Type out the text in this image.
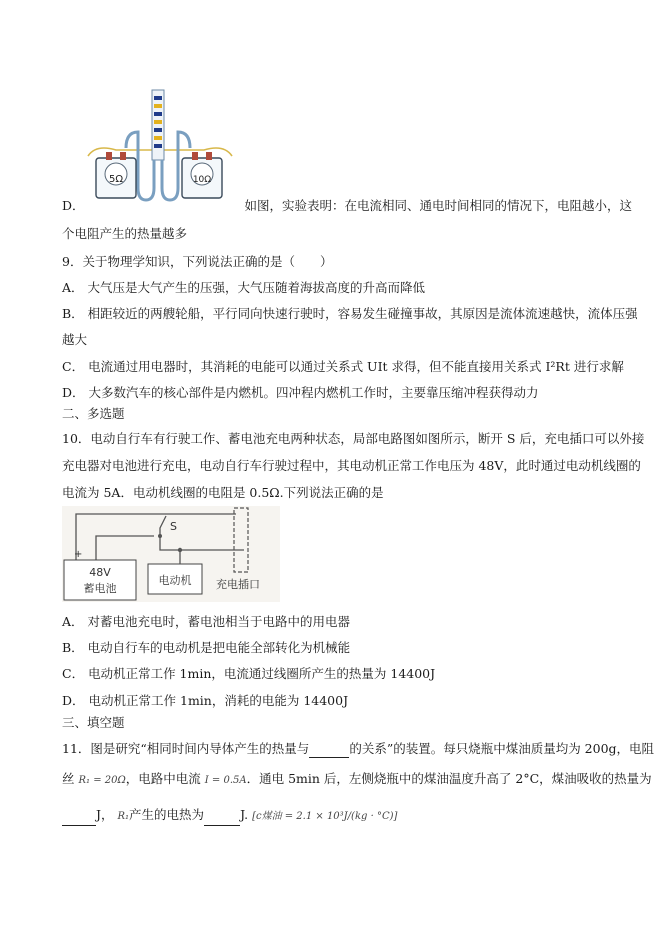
5Ω	10Ω
D．	如图，实验表明：在电流相同、通电时间相同的情况下，电阻越小，这
个电阻产生的热量越多
9．关于物理学知识，下列说法正确的是（　　）
A． 大气压是大气产生的压强，大气压随着海拔高度的升高而降低
B． 相距较近的两艘轮船，平行同向快速行驶时，容易发生碰撞事故，其原因是流体流速越快，流体压强
越大
C． 电流通过用电器时，其消耗的电能可以通过关系式 UIt 求得，但不能直接用关系式 I²Rt 进行求解
D． 大多数汽车的核心部件是内燃机。四冲程内燃机工作时，主要靠压缩冲程获得动力
二、多选题
10．电动自行车有行驶工作、蓄电池充电两种状态，局部电路图如图所示，断开 S 后，充电插口可以外接
充电器对电池进行充电，电动自行车行驶过程中，其电动机正常工作电压为 48V，此时通过电动机线圈的
电流为 5A．电动机线圈的电阻是 0.5Ω.下列说法正确的是
S
+
48V
蓄电池
电动机 充电插口
A． 对蓄电池充电时，蓄电池相当于电路中的用电器
B． 电动自行车的电动机是把电能全部转化为机械能
C． 电动机正常工作 1min，电流通过线圈所产生的热量为 14400J
D． 电动机正常工作 1min，消耗的电能为 14400J
三、填空题
11．图是研究“相同时间内导体产生的热量与	的关系”的装置。每只烧瓶中煤油质量均为 200g，电阻
丝 R₁ = 20Ω，电路中电流 I = 0.5A．通电 5min 后，左侧烧瓶中的煤油温度升高了 2°C，煤油吸收的热量为
J， R₁产生的电热为	J. [c煤油 = 2.1 × 10³J/(kg · °C)]
